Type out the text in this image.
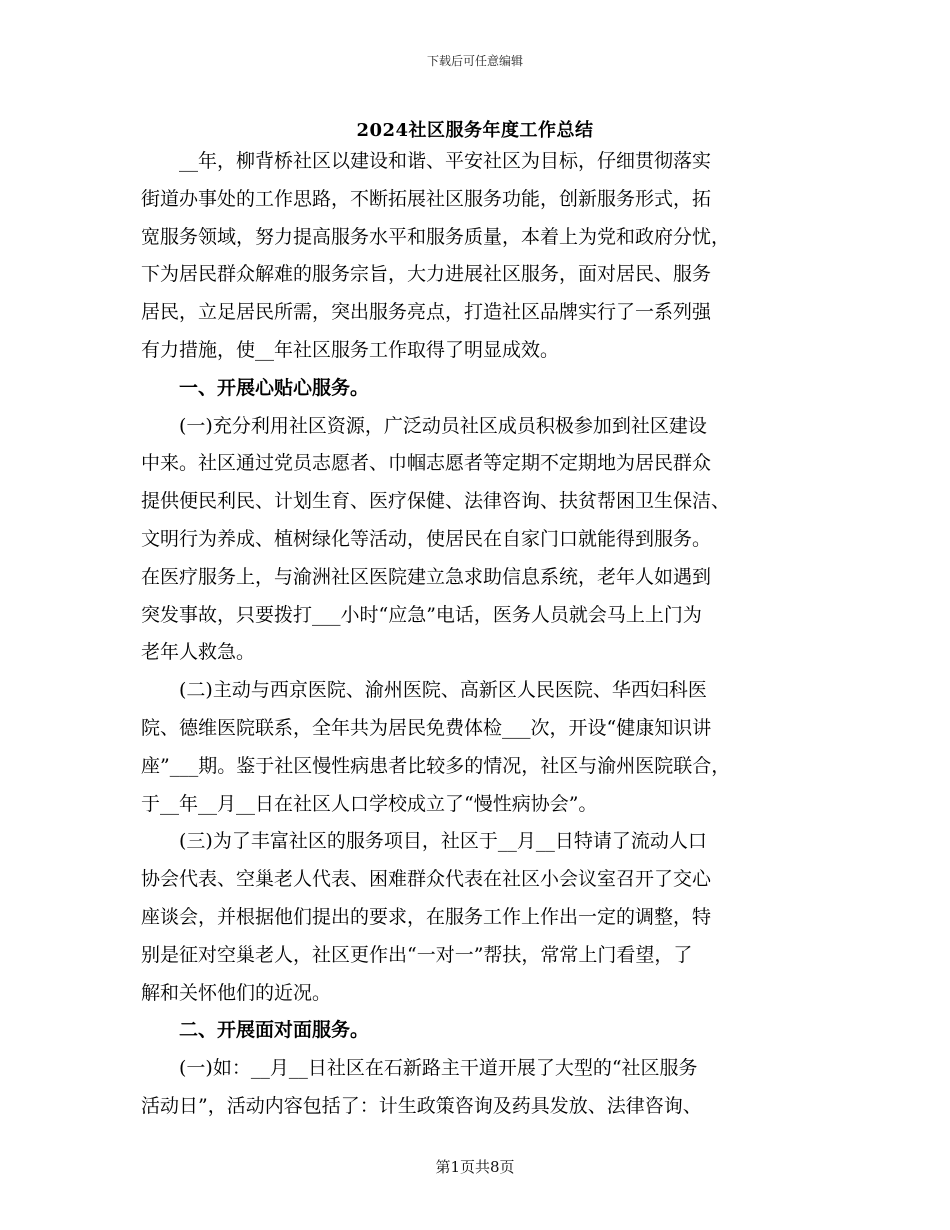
下载后可任意编辑
2024社区服务年度工作总结
__年，柳背桥社区以建设和谐、平安社区为目标，仔细贯彻落实
街道办事处的工作思路，不断拓展社区服务功能，创新服务形式，拓
宽服务领域，努力提高服务水平和服务质量，本着上为党和政府分忧，
下为居民群众解难的服务宗旨，大力进展社区服务，面对居民、服务
居民，立足居民所需，突出服务亮点，打造社区品牌实行了一系列强
有力措施，使__年社区服务工作取得了明显成效。
一、开展心贴心服务。
(一)充分利用社区资源，广泛动员社区成员积极参加到社区建设
中来。社区通过党员志愿者、巾帼志愿者等定期不定期地为居民群众
提供便民利民、计划生育、医疗保健、法律咨询、扶贫帮困卫生保洁、
文明行为养成、植树绿化等活动，使居民在自家门口就能得到服务。
在医疗服务上，与渝洲社区医院建立急求助信息系统，老年人如遇到
突发事故，只要拨打___小时“应急”电话，医务人员就会马上上门为
老年人救急。
(二)主动与西京医院、渝州医院、高新区人民医院、华西妇科医
院、德维医院联系，全年共为居民免费体检___次，开设“健康知识讲
座”___期。鉴于社区慢性病患者比较多的情况，社区与渝州医院联合，
于__年__月__日在社区人口学校成立了“慢性病协会”。
(三)为了丰富社区的服务项目，社区于__月__日特请了流动人口
协会代表、空巢老人代表、困难群众代表在社区小会议室召开了交心
座谈会，并根据他们提出的要求，在服务工作上作出一定的调整，特
别是征对空巢老人，社区更作出“一对一”帮扶，常常上门看望，了
解和关怀他们的近况。
二、开展面对面服务。
(一)如：__月__日社区在石新路主干道开展了大型的“社区服务
活动日”，活动内容包括了：计生政策咨询及药具发放、法律咨询、
第1页共8页
